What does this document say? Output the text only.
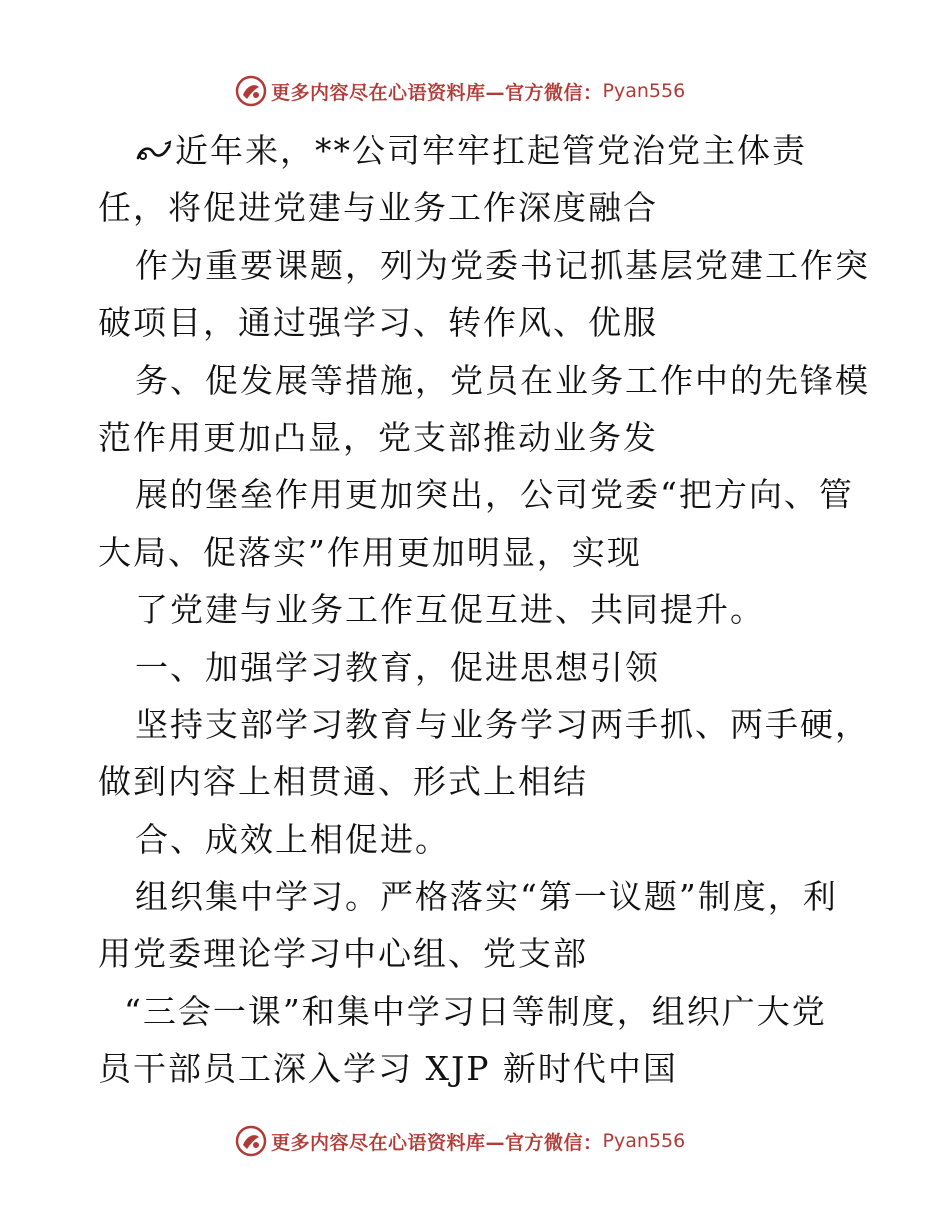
更多内容尽在心语资料库—官方微信： Pyan556
近年来，**公司牢牢扛起管党治党主体责
任，将促进党建与业务工作深度融合
作为重要课题，列为党委书记抓基层党建工作突
破项目，通过强学习、转作风、优服
务、促发展等措施，党员在业务工作中的先锋模
范作用更加凸显，党支部推动业务发
展的堡垒作用更加突出，公司党委“把方向、管
大局、促落实”作用更加明显，实现
了党建与业务工作互促互进、共同提升。
一、加强学习教育，促进思想引领
坚持支部学习教育与业务学习两手抓、两手硬，
做到内容上相贯通、形式上相结
合、成效上相促进。
组织集中学习。严格落实“第一议题”制度，利
用党委理论学习中心组、党支部
“三会一课”和集中学习日等制度，组织广大党
员干部员工深入学习 XJP 新时代中国
更多内容尽在心语资料库—官方微信： Pyan556
